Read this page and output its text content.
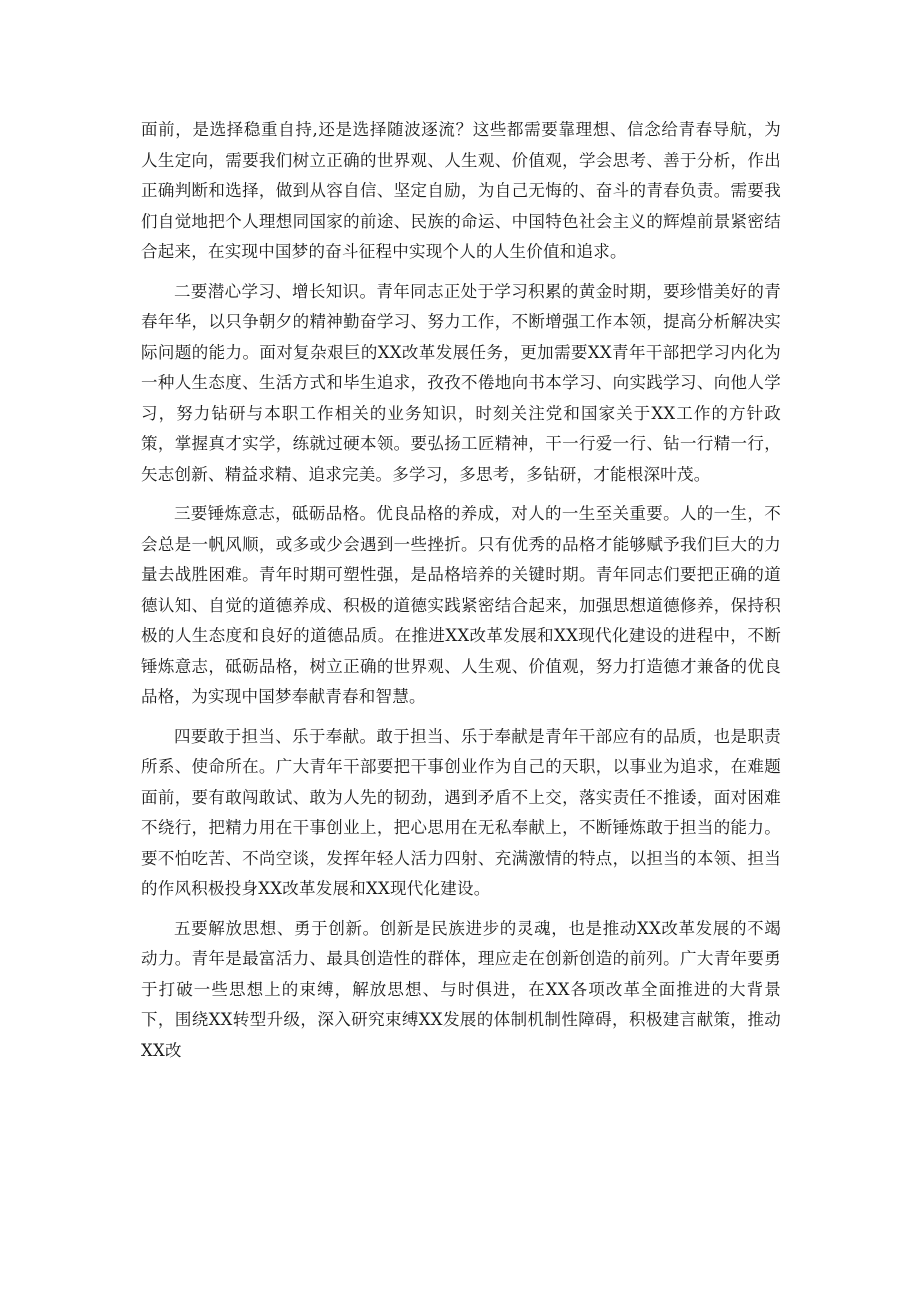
面前，是选择稳重自持,还是选择随波逐流？这些都需要靠理想、信念给青春导航，为人生定向，需要我们树立正确的世界观、人生观、价值观，学会思考、善于分析，作出正确判断和选择，做到从容自信、坚定自励，为自己无悔的、奋斗的青春负责。需要我们自觉地把个人理想同国家的前途、民族的命运、中国特色社会主义的辉煌前景紧密结合起来，在实现中国梦的奋斗征程中实现个人的人生价值和追求。

二要潜心学习、增长知识。青年同志正处于学习积累的黄金时期，要珍惜美好的青春年华，以只争朝夕的精神勤奋学习、努力工作，不断增强工作本领，提高分析解决实际问题的能力。面对复杂艰巨的XX改革发展任务，更加需要XX青年干部把学习内化为一种人生态度、生活方式和毕生追求，孜孜不倦地向书本学习、向实践学习、向他人学习，努力钻研与本职工作相关的业务知识，时刻关注党和国家关于XX工作的方针政策，掌握真才实学，练就过硬本领。要弘扬工匠精神，干一行爱一行、钻一行精一行，矢志创新、精益求精、追求完美。多学习，多思考，多钻研，才能根深叶茂。

三要锤炼意志，砥砺品格。优良品格的养成，对人的一生至关重要。人的一生，不会总是一帆风顺，或多或少会遇到一些挫折。只有优秀的品格才能够赋予我们巨大的力量去战胜困难。青年时期可塑性强，是品格培养的关键时期。青年同志们要把正确的道德认知、自觉的道德养成、积极的道德实践紧密结合起来，加强思想道德修养，保持积极的人生态度和良好的道德品质。在推进XX改革发展和XX现代化建设的进程中，不断锤炼意志，砥砺品格，树立正确的世界观、人生观、价值观，努力打造德才兼备的优良品格，为实现中国梦奉献青春和智慧。

四要敢于担当、乐于奉献。敢于担当、乐于奉献是青年干部应有的品质，也是职责所系、使命所在。广大青年干部要把干事创业作为自己的天职，以事业为追求，在难题面前，要有敢闯敢试、敢为人先的韧劲，遇到矛盾不上交，落实责任不推诿，面对困难不绕行，把精力用在干事创业上，把心思用在无私奉献上，不断锤炼敢于担当的能力。要不怕吃苦、不尚空谈，发挥年轻人活力四射、充满激情的特点，以担当的本领、担当的作风积极投身XX改革发展和XX现代化建设。

五要解放思想、勇于创新。创新是民族进步的灵魂，也是推动XX改革发展的不竭动力。青年是最富活力、最具创造性的群体，理应走在创新创造的前列。广大青年要勇于打破一些思想上的束缚，解放思想、与时俱进，在XX各项改革全面推进的大背景下，围绕XX转型升级，深入研究束缚XX发展的体制机制性障碍，积极建言献策，推动XX改
